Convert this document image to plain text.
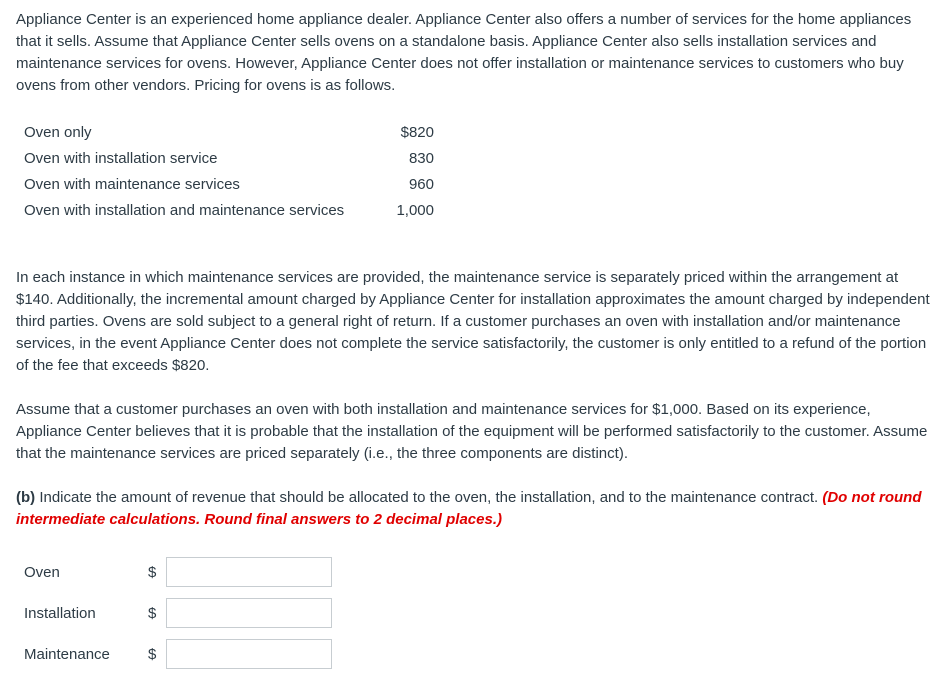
Appliance Center is an experienced home appliance dealer. Appliance Center also offers a number of services for the home appliances that it sells. Assume that Appliance Center sells ovens on a standalone basis. Appliance Center also sells installation services and maintenance services for ovens. However, Appliance Center does not offer installation or maintenance services to customers who buy ovens from other vendors. Pricing for ovens is as follows.

Oven only	$820
Oven with installation service	830
Oven with maintenance services	960
Oven with installation and maintenance services	1,000

In each instance in which maintenance services are provided, the maintenance service is separately priced within the arrangement at $140. Additionally, the incremental amount charged by Appliance Center for installation approximates the amount charged by independent third parties. Ovens are sold subject to a general right of return. If a customer purchases an oven with installation and/or maintenance services, in the event Appliance Center does not complete the service satisfactorily, the customer is only entitled to a refund of the portion of the fee that exceeds $820.

Assume that a customer purchases an oven with both installation and maintenance services for $1,000. Based on its experience, Appliance Center believes that it is probable that the installation of the equipment will be performed satisfactorily to the customer. Assume that the maintenance services are priced separately (i.e., the three components are distinct).

(b) Indicate the amount of revenue that should be allocated to the oven, the installation, and to the maintenance contract. (Do not round intermediate calculations. Round final answers to 2 decimal places.)

Oven	$
Installation	$
Maintenance	$
